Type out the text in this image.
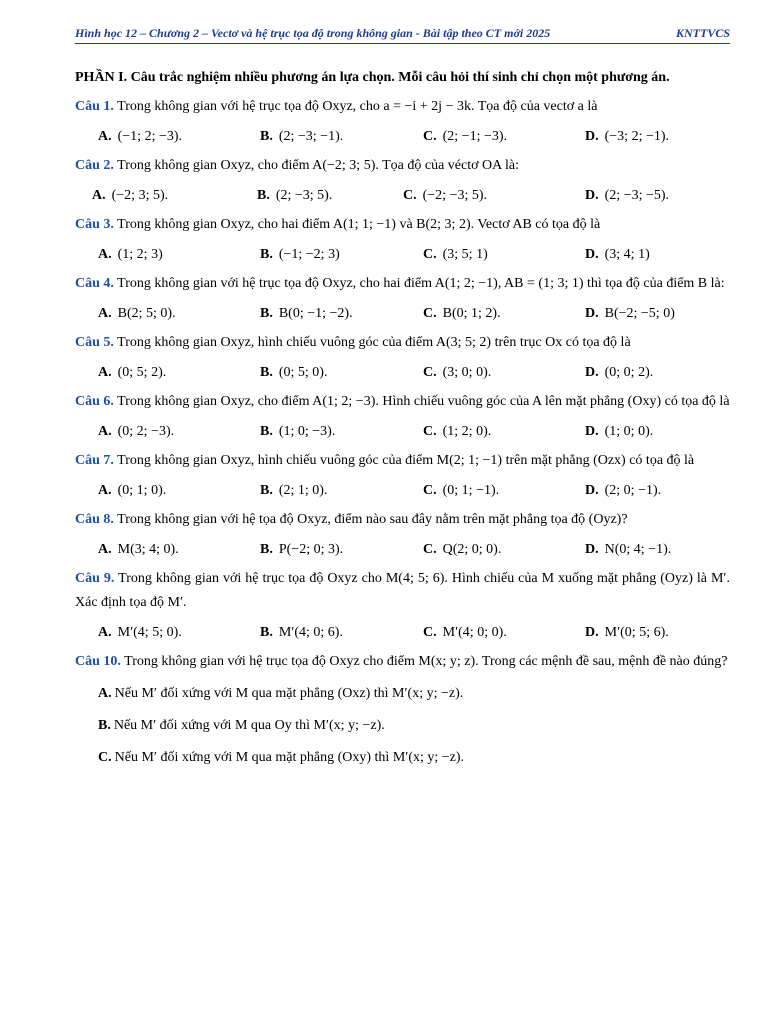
Hình học 12 – Chương 2 – Vectơ và hệ trục tọa độ trong không gian - Bài tập theo CT mới 2025	KNTTVCS
PHẦN I. Câu trắc nghiệm nhiều phương án lựa chọn. Mỗi câu hỏi thí sinh chỉ chọn một phương án.
Câu 1. Trong không gian với hệ trục tọa độ Oxyz, cho a = −i + 2j − 3k. Tọa độ của vectơ a là
A. (−1; 2; −3).	B. (2; −3; −1).	C. (2; −1; −3).	D. (−3; 2; −1).
Câu 2. Trong không gian Oxyz, cho điểm A(−2; 3; 5). Tọa độ của véctơ OA là:
A. (−2; 3; 5).	B. (2; −3; 5).	C. (−2; −3; 5).	D. (2; −3; −5).
Câu 3. Trong không gian Oxyz, cho hai điểm A(1; 1; −1) và B(2; 3; 2). Vectơ AB có tọa độ là
A. (1; 2; 3)	B. (−1; −2; 3)	C. (3; 5; 1)	D. (3; 4; 1)
Câu 4. Trong không gian với hệ trục tọa độ Oxyz, cho hai điểm A(1; 2; −1), AB = (1; 3; 1) thì tọa độ của điểm B là:
A. B(2; 5; 0).	B. B(0; −1; −2).	C. B(0; 1; 2).	D. B(−2; −5; 0)
Câu 5. Trong không gian Oxyz, hình chiếu vuông góc của điểm A(3; 5; 2) trên trục Ox có tọa độ là
A. (0; 5; 2).	B. (0; 5; 0).	C. (3; 0; 0).	D. (0; 0; 2).
Câu 6. Trong không gian Oxyz, cho điểm A(1; 2; −3). Hình chiếu vuông góc của A lên mặt phẳng (Oxy) có tọa độ là
A. (0; 2; −3).	B. (1; 0; −3).	C. (1; 2; 0).	D. (1; 0; 0).
Câu 7. Trong không gian Oxyz, hình chiếu vuông góc của điểm M(2; 1; −1) trên mặt phẳng (Ozx) có tọa độ là
A. (0; 1; 0).	B. (2; 1; 0).	C. (0; 1; −1).	D. (2; 0; −1).
Câu 8. Trong không gian với hệ tọa độ Oxyz, điểm nào sau đây nằm trên mặt phẳng tọa độ (Oyz)?
A. M(3; 4; 0).	B. P(−2; 0; 3).	C. Q(2; 0; 0).	D. N(0; 4; −1).
Câu 9. Trong không gian với hệ trục tọa độ Oxyz cho M(4; 5; 6). Hình chiếu của M xuống mặt phẳng (Oyz) là M′. Xác định tọa độ M′.
A. M′(4; 5; 0).	B. M′(4; 0; 6).	C. M′(4; 0; 0).	D. M′(0; 5; 6).
Câu 10. Trong không gian với hệ trục tọa độ Oxyz cho điểm M(x; y; z). Trong các mệnh đề sau, mệnh đề nào đúng?
A. Nếu M′ đối xứng với M qua mặt phẳng (Oxz) thì M′(x; y; −z).
B. Nếu M′ đối xứng với M qua Oy thì M′(x; y; −z).
C. Nếu M′ đối xứng với M qua mặt phẳng (Oxy) thì M′(x; y; −z).
